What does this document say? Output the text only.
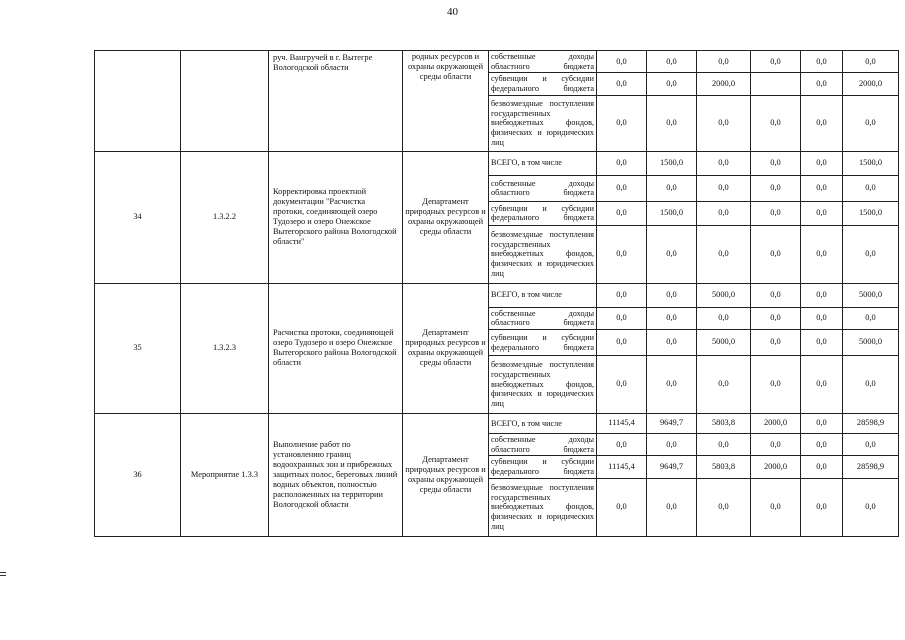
40
		руч. Вангручей в г. Вытегре Вологодской области	родных ресурсов и охраны окружающей среды области	собственные доходы областного бюджета	0,0	0,0	0,0	0,0	0,0	0,0
				субвенции и субсидии федерального бюджета	0,0	0,0	2000,0		0,0	2000,0
				безвозмездные поступления государственных внебюджетных фондов, физических и юридических лиц	0,0	0,0	0,0	0,0	0,0	0,0
34	1.3.2.2	Корректировка проектной документации "Расчистка протоки, соединяющей озеро Тудозеро и озеро Онежское Вытегорского района Вологодской области"	Департамент природных ресурсов и охраны окружающей среды области	ВСЕГО, в том числе	0,0	1500,0	0,0	0,0	0,0	1500,0
				собственные доходы областного бюджета	0,0	0,0	0,0	0,0	0,0	0,0
				субвенции и субсидии федерального бюджета	0,0	1500,0	0,0	0,0	0,0	1500,0
				безвозмездные поступления государственных внебюджетных фондов, физических и юридических лиц	0,0	0,0	0,0	0,0	0,0	0,0
35	1.3.2.3	Расчистка протоки, соединяющей озеро Тудозеро и озеро Онежское Вытегорского района Вологодской области	Департамент природных ресурсов и охраны окружающей среды области	ВСЕГО, в том числе	0,0	0,0	5000,0	0,0	0,0	5000,0
				собственные доходы областного бюджета	0,0	0,0	0,0	0,0	0,0	0,0
				субвенции и субсидии федерального бюджета	0,0	0,0	5000,0	0,0	0,0	5000,0
				безвозмездные поступления государственных внебюджетных фондов, физических и юридических лиц	0,0	0,0	0,0	0,0	0,0	0,0
36	Мероприятие 1.3.3	Выполнение работ по установлению границ водоохранных зон и прибрежных защитных полос, береговых линий водных объектов, полностью расположенных на территории Вологодской области	Департамент природных ресурсов и охраны окружающей среды области	ВСЕГО, в том числе	11145,4	9649,7	5803,8	2000,0	0,0	28598,9
				собственные доходы областного бюджета	0,0	0,0	0,0	0,0	0,0	0,0
				субвенции и субсидии федерального бюджета	11145,4	9649,7	5803,8	2000,0	0,0	28598,9
				безвозмездные поступления государственных внебюджетных фондов, физических и юридических лиц	0,0	0,0	0,0	0,0	0,0	0,0
